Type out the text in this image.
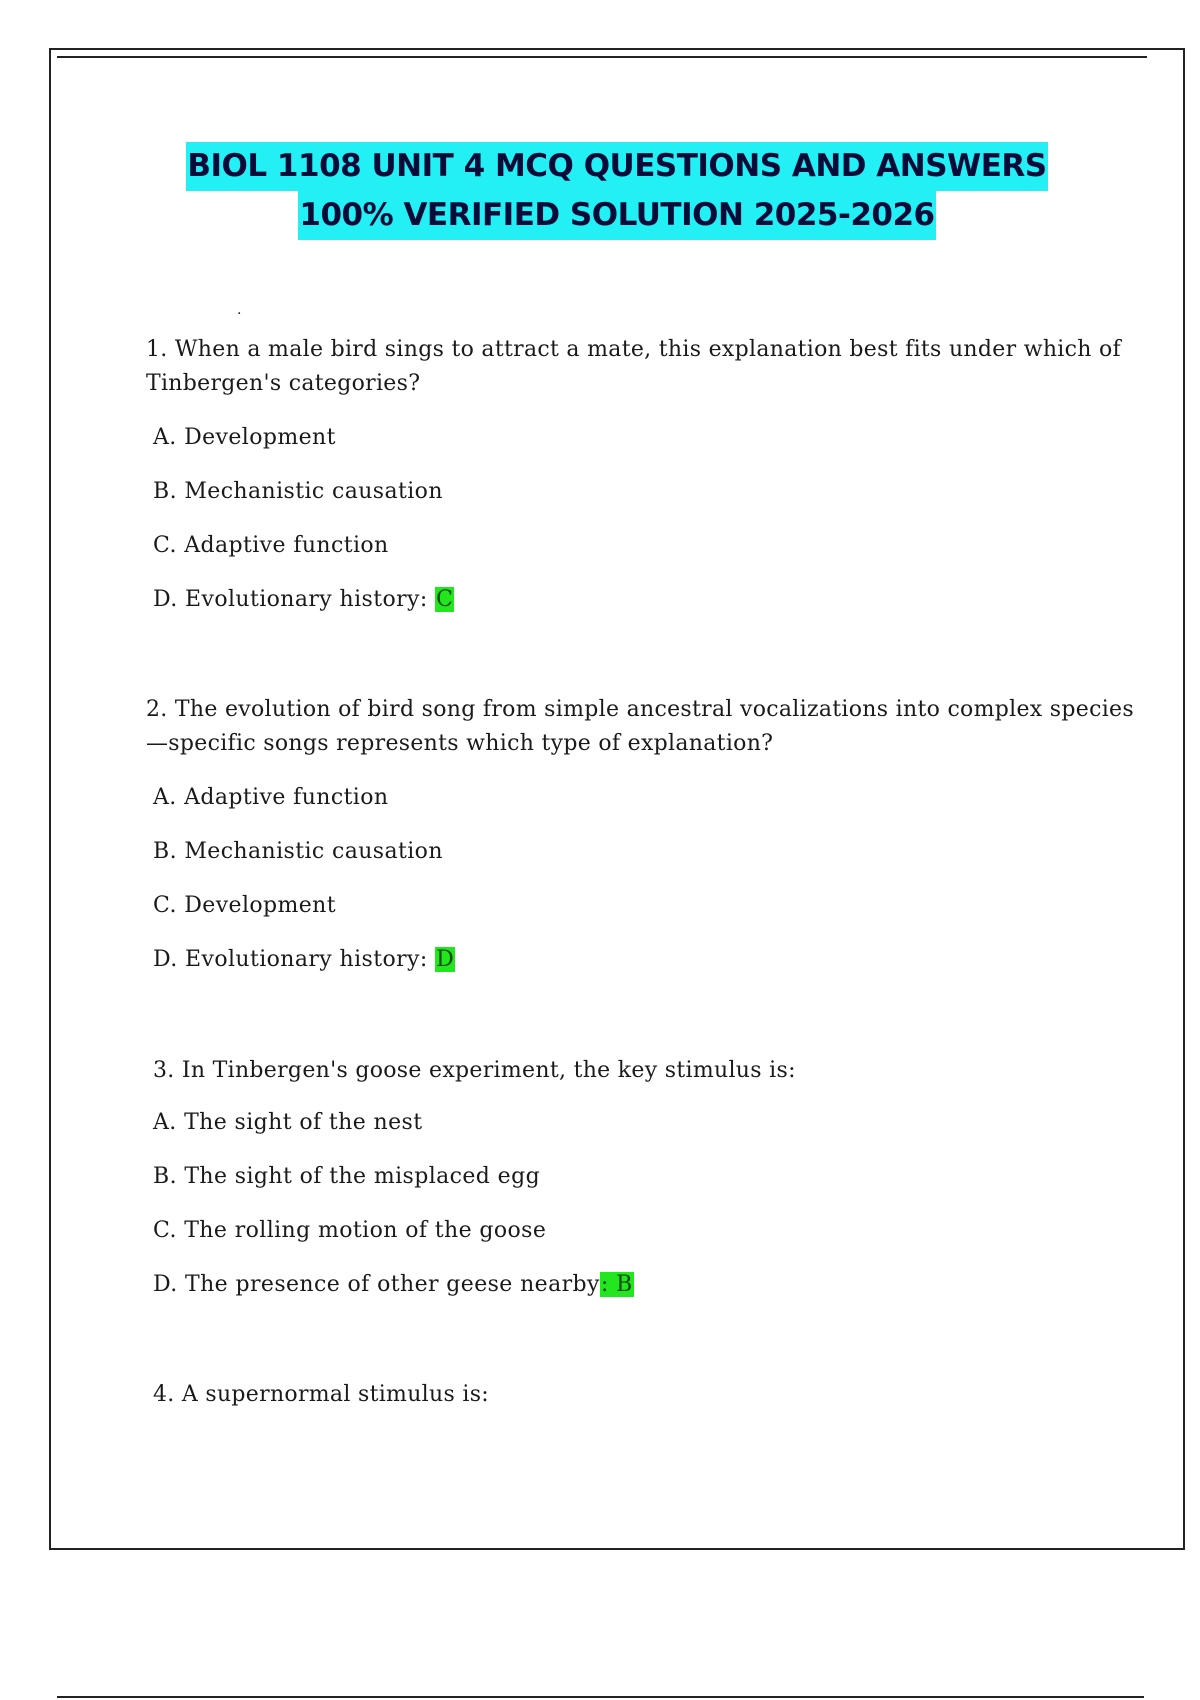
BIOL 1108 UNIT 4 MCQ QUESTIONS AND ANSWERS
100% VERIFIED SOLUTION 2025-2026
.
1. When a male bird sings to attract a mate, this explanation best fits under which of Tinbergen's categories?
A. Development
B. Mechanistic causation
C. Adaptive function
D. Evolutionary history: C
2. The evolution of bird song from simple ancestral vocalizations into complex species—specific songs represents which type of explanation?
A. Adaptive function
B. Mechanistic causation
C. Development
D. Evolutionary history: D
3. In Tinbergen's goose experiment, the key stimulus is:
A. The sight of the nest
B. The sight of the misplaced egg
C. The rolling motion of the goose
D. The presence of other geese nearby: B
4. A supernormal stimulus is:
